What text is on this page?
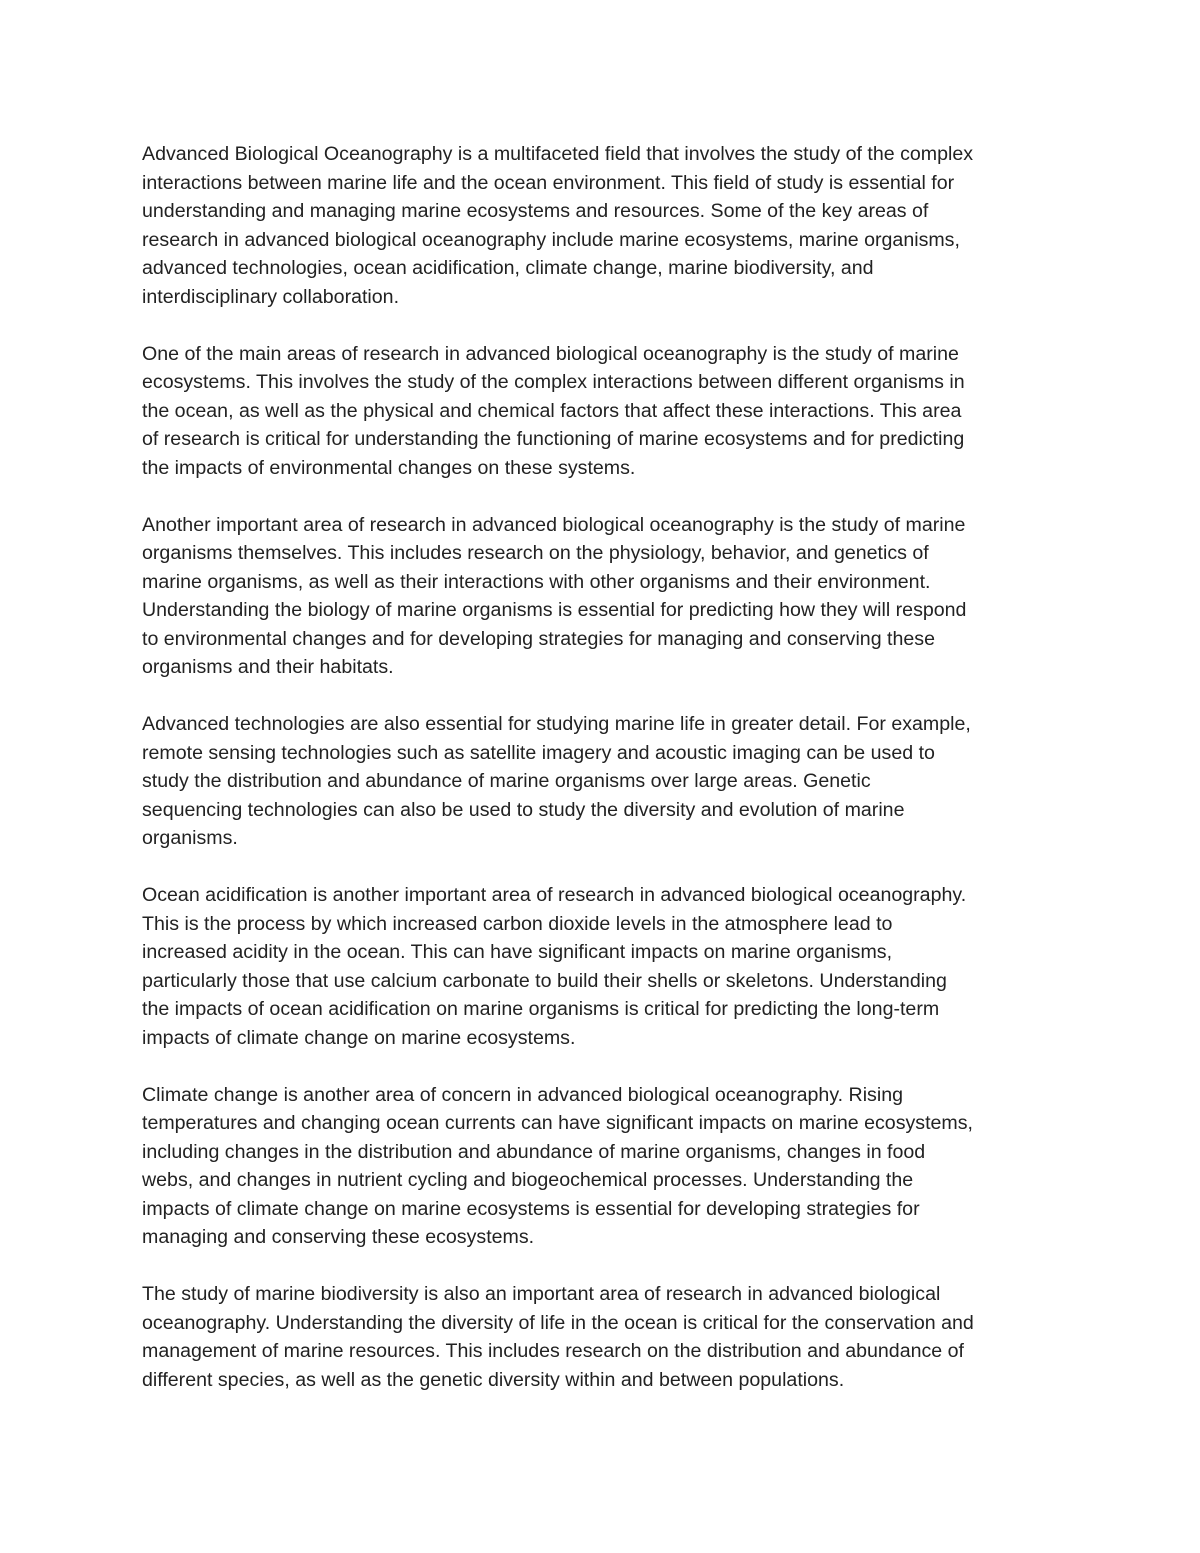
Advanced Biological Oceanography is a multifaceted field that involves the study of the complex
interactions between marine life and the ocean environment. This field of study is essential for
understanding and managing marine ecosystems and resources. Some of the key areas of
research in advanced biological oceanography include marine ecosystems, marine organisms,
advanced technologies, ocean acidification, climate change, marine biodiversity, and
interdisciplinary collaboration.

One of the main areas of research in advanced biological oceanography is the study of marine
ecosystems. This involves the study of the complex interactions between different organisms in
the ocean, as well as the physical and chemical factors that affect these interactions. This area
of research is critical for understanding the functioning of marine ecosystems and for predicting
the impacts of environmental changes on these systems.

Another important area of research in advanced biological oceanography is the study of marine
organisms themselves. This includes research on the physiology, behavior, and genetics of
marine organisms, as well as their interactions with other organisms and their environment.
Understanding the biology of marine organisms is essential for predicting how they will respond
to environmental changes and for developing strategies for managing and conserving these
organisms and their habitats.

Advanced technologies are also essential for studying marine life in greater detail. For example,
remote sensing technologies such as satellite imagery and acoustic imaging can be used to
study the distribution and abundance of marine organisms over large areas. Genetic
sequencing technologies can also be used to study the diversity and evolution of marine
organisms.

Ocean acidification is another important area of research in advanced biological oceanography.
This is the process by which increased carbon dioxide levels in the atmosphere lead to
increased acidity in the ocean. This can have significant impacts on marine organisms,
particularly those that use calcium carbonate to build their shells or skeletons. Understanding
the impacts of ocean acidification on marine organisms is critical for predicting the long-term
impacts of climate change on marine ecosystems.

Climate change is another area of concern in advanced biological oceanography. Rising
temperatures and changing ocean currents can have significant impacts on marine ecosystems,
including changes in the distribution and abundance of marine organisms, changes in food
webs, and changes in nutrient cycling and biogeochemical processes. Understanding the
impacts of climate change on marine ecosystems is essential for developing strategies for
managing and conserving these ecosystems.

The study of marine biodiversity is also an important area of research in advanced biological
oceanography. Understanding the diversity of life in the ocean is critical for the conservation and
management of marine resources. This includes research on the distribution and abundance of
different species, as well as the genetic diversity within and between populations.
